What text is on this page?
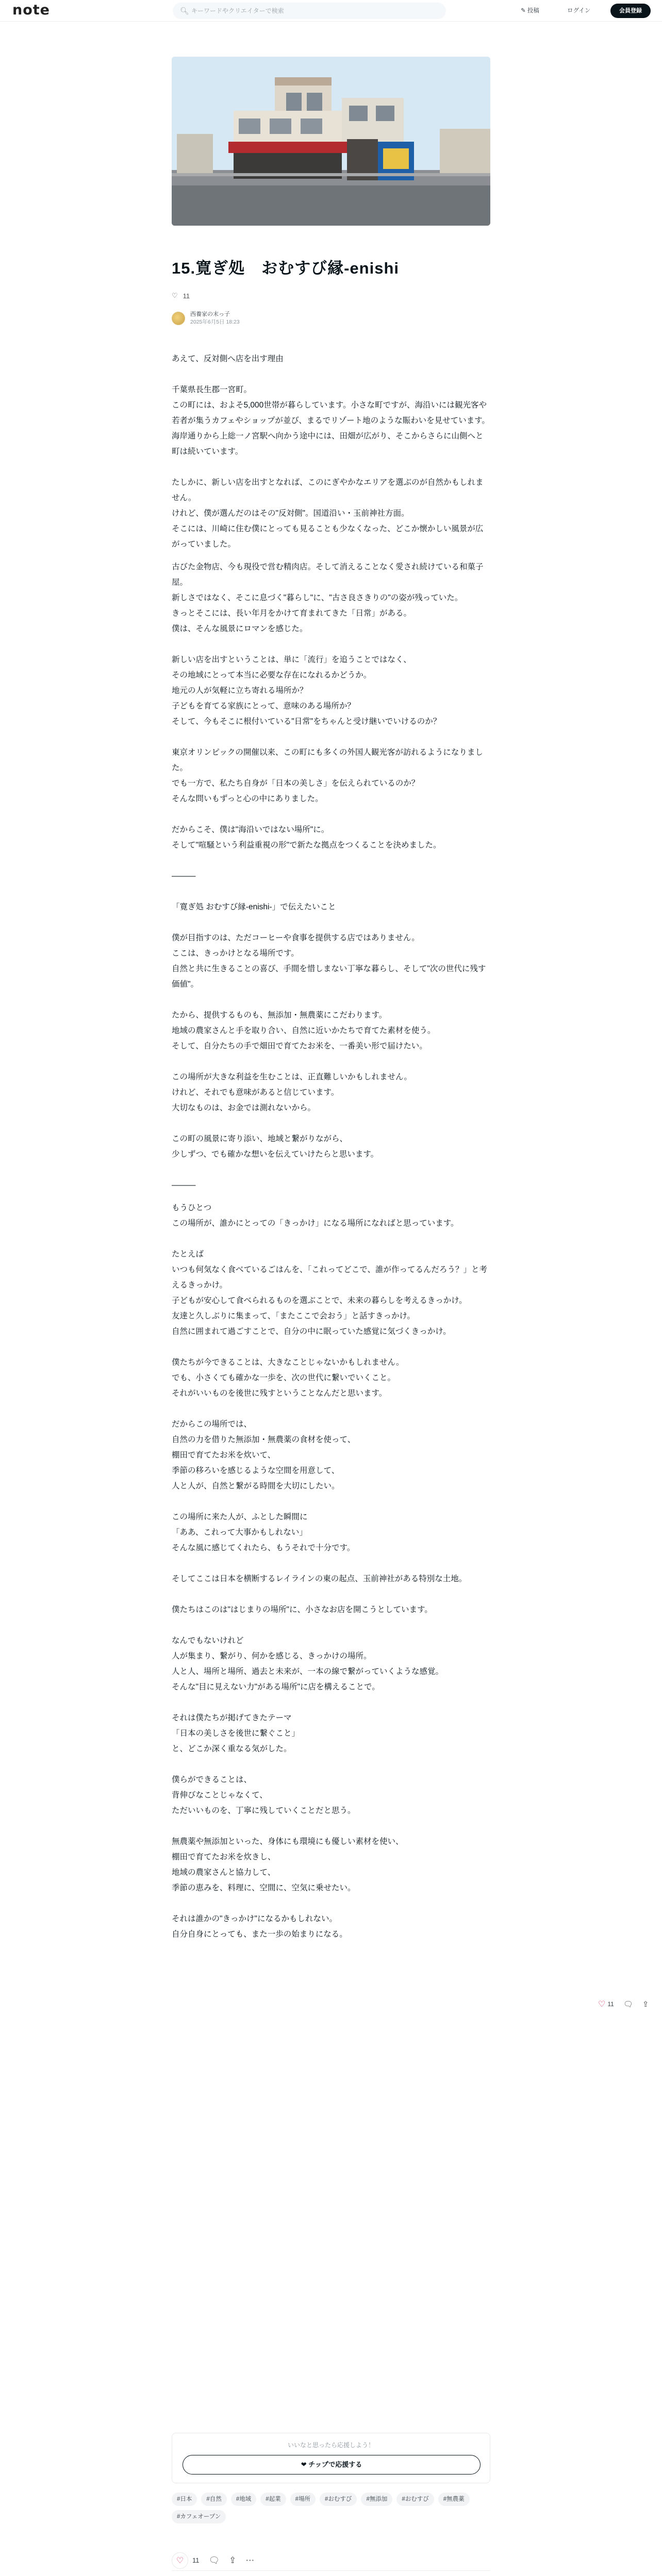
note	🔍︎
キーワードやクリエイターで検索	✎ 投稿	ログイン	会員登録
15.寛ぎ処　おむすび縁-enishi
♡ 11
西養家の末っ子
2025年6月5日 18:23

あえて、反対側へ店を出す理由

千葉県長生郡一宮町。
この町には、およそ5,000世帯が暮らしています。小さな町ですが、海沿いには観光客や若者が集うカフェやショップが並び、まるでリゾート地のような賑わいを見せています。
海岸通りから上総一ノ宮駅へ向かう途中には、田畑が広がり、そこからさらに山側へと町は続いています。

たしかに、新しい店を出すとなれば、このにぎやかなエリアを選ぶのが自然かもしれません。
けれど、僕が選んだのはその"反対側"。国道沿い・玉前神社方面。
そこには、川崎に住む僕にとっても見ることも少なくなった、どこか懐かしい風景が広がっていました。

古びた金物店、今も現役で営む精肉店。そして消えることなく愛され続けている和菓子屋。
新しさではなく、そこに息づく"暮らし"に、"古さ良さきりの"の姿が残っていた。
きっとそこには、長い年月をかけて育まれてきた「日常」がある。
僕は、そんな風景にロマンを感じた。

新しい店を出すということは、単に「流行」を追うことではなく、
その地域にとって本当に必要な存在になれるかどうか。
地元の人が気軽に立ち寄れる場所か？
子どもを育てる家族にとって、意味のある場所か？
そして、今もそこに根付いている"日常"をちゃんと受け継いでいけるのか？

東京オリンピックの開催以来、この町にも多くの外国人観光客が訪れるようになりました。
でも一方で、私たち自身が「日本の美しさ」を伝えられているのか？
そんな問いもずっと心の中にありました。

だからこそ、僕は"海沿いではない場所"に。
そして"喧騒という利益重視の形"で新たな拠点をつくることを決めました。

―――

「寛ぎ処 おむすび縁-enishi-」で伝えたいこと

僕が目指すのは、ただコーヒーや食事を提供する店ではありません。
ここは、きっかけとなる場所です。
自然と共に生きることの喜び、手間を惜しまない丁寧な暮らし、そして"次の世代に残す価値"。

たから、提供するものも、無添加・無農薬にこだわります。
地域の農家さんと手を取り合い、自然に近いかたちで育てた素材を使う。
そして、自分たちの手で畑田で育てたお米を、一番美い形で届けたい。

この場所が大きな利益を生むことは、正直難しいかもしれません。
けれど、それでも意味があると信じています。
大切なものは、お金では測れないから。

この町の風景に寄り添い、地域と繋がりながら、
少しずつ、でも確かな想いを伝えていけたらと思います。

―――

もうひとつ
この場所が、誰かにとっての「きっかけ」になる場所になればと思っています。

たとえば
いつも何気なく食べているごはんを、「これってどこで、誰が作ってるんだろう？」と考えるきっかけ。
子どもが安心して食べられるものを選ぶことで、未来の暮らしを考えるきっかけ。
友達と久しぶりに集まって、「またここで会おう」と話すきっかけ。
自然に囲まれて過ごすことで、自分の中に眠っていた感覚に気づくきっかけ。

僕たちが今できることは、大きなことじゃないかもしれません。
でも、小さくても確かな一歩を、次の世代に繋いでいくこと。
それがいいものを後世に残すということなんだと思います。

だからこの場所では、
自然の力を借りた無添加・無農薬の食材を使って、
棚田で育てたお米を炊いて、
季節の移ろいを感じるような空間を用意して、
人と人が、自然と繋がる時間を大切にしたい。

この場所に来た人が、ふとした瞬間に
「ああ、これって大事かもしれない」
そんな風に感じてくれたら、もうそれで十分です。

そしてここは日本を横断するレイラインの東の起点、玉前神社がある特別な土地。

僕たちはこのは"はじまりの場所"に、小さなお店を開こうとしています。

なんでもないけれど
人が集まり、繋がり、何かを感じる、きっかけの場所。
人と人、場所と場所、過去と未来が、一本の線で繋がっていくような感覚。
そんな"目に見えない力"がある場所"に店を構えることで。

それは僕たちが掲げてきたテーマ
「日本の美しさを後世に繋ぐこと」
と、どこか深く重なる気がした。

僕らができることは、
背伸びなことじゃなくて、
ただいいものを、丁寧に残していくことだと思う。

無農薬や無添加といった、身体にも環境にも優しい素材を使い、
棚田で育てたお米を炊きし、
地域の農家さんと協力して、
季節の恵みを、料理に、空間に、空気に乗せたい。

それは誰かの"きっかけ"になるかもしれない。
自分自身にとっても、また一歩の始まりになる。

♡ 11 🗨︎ ⇪
いいなと思ったら応援しよう！
❤︎ チップで応援する
#日本	#自然	#地域	#起業	#場所	#おむすび	#無添加	#おむすび	#無農薬
#カフェオープン
♡	11 🗨︎ ⇪ ⋯
